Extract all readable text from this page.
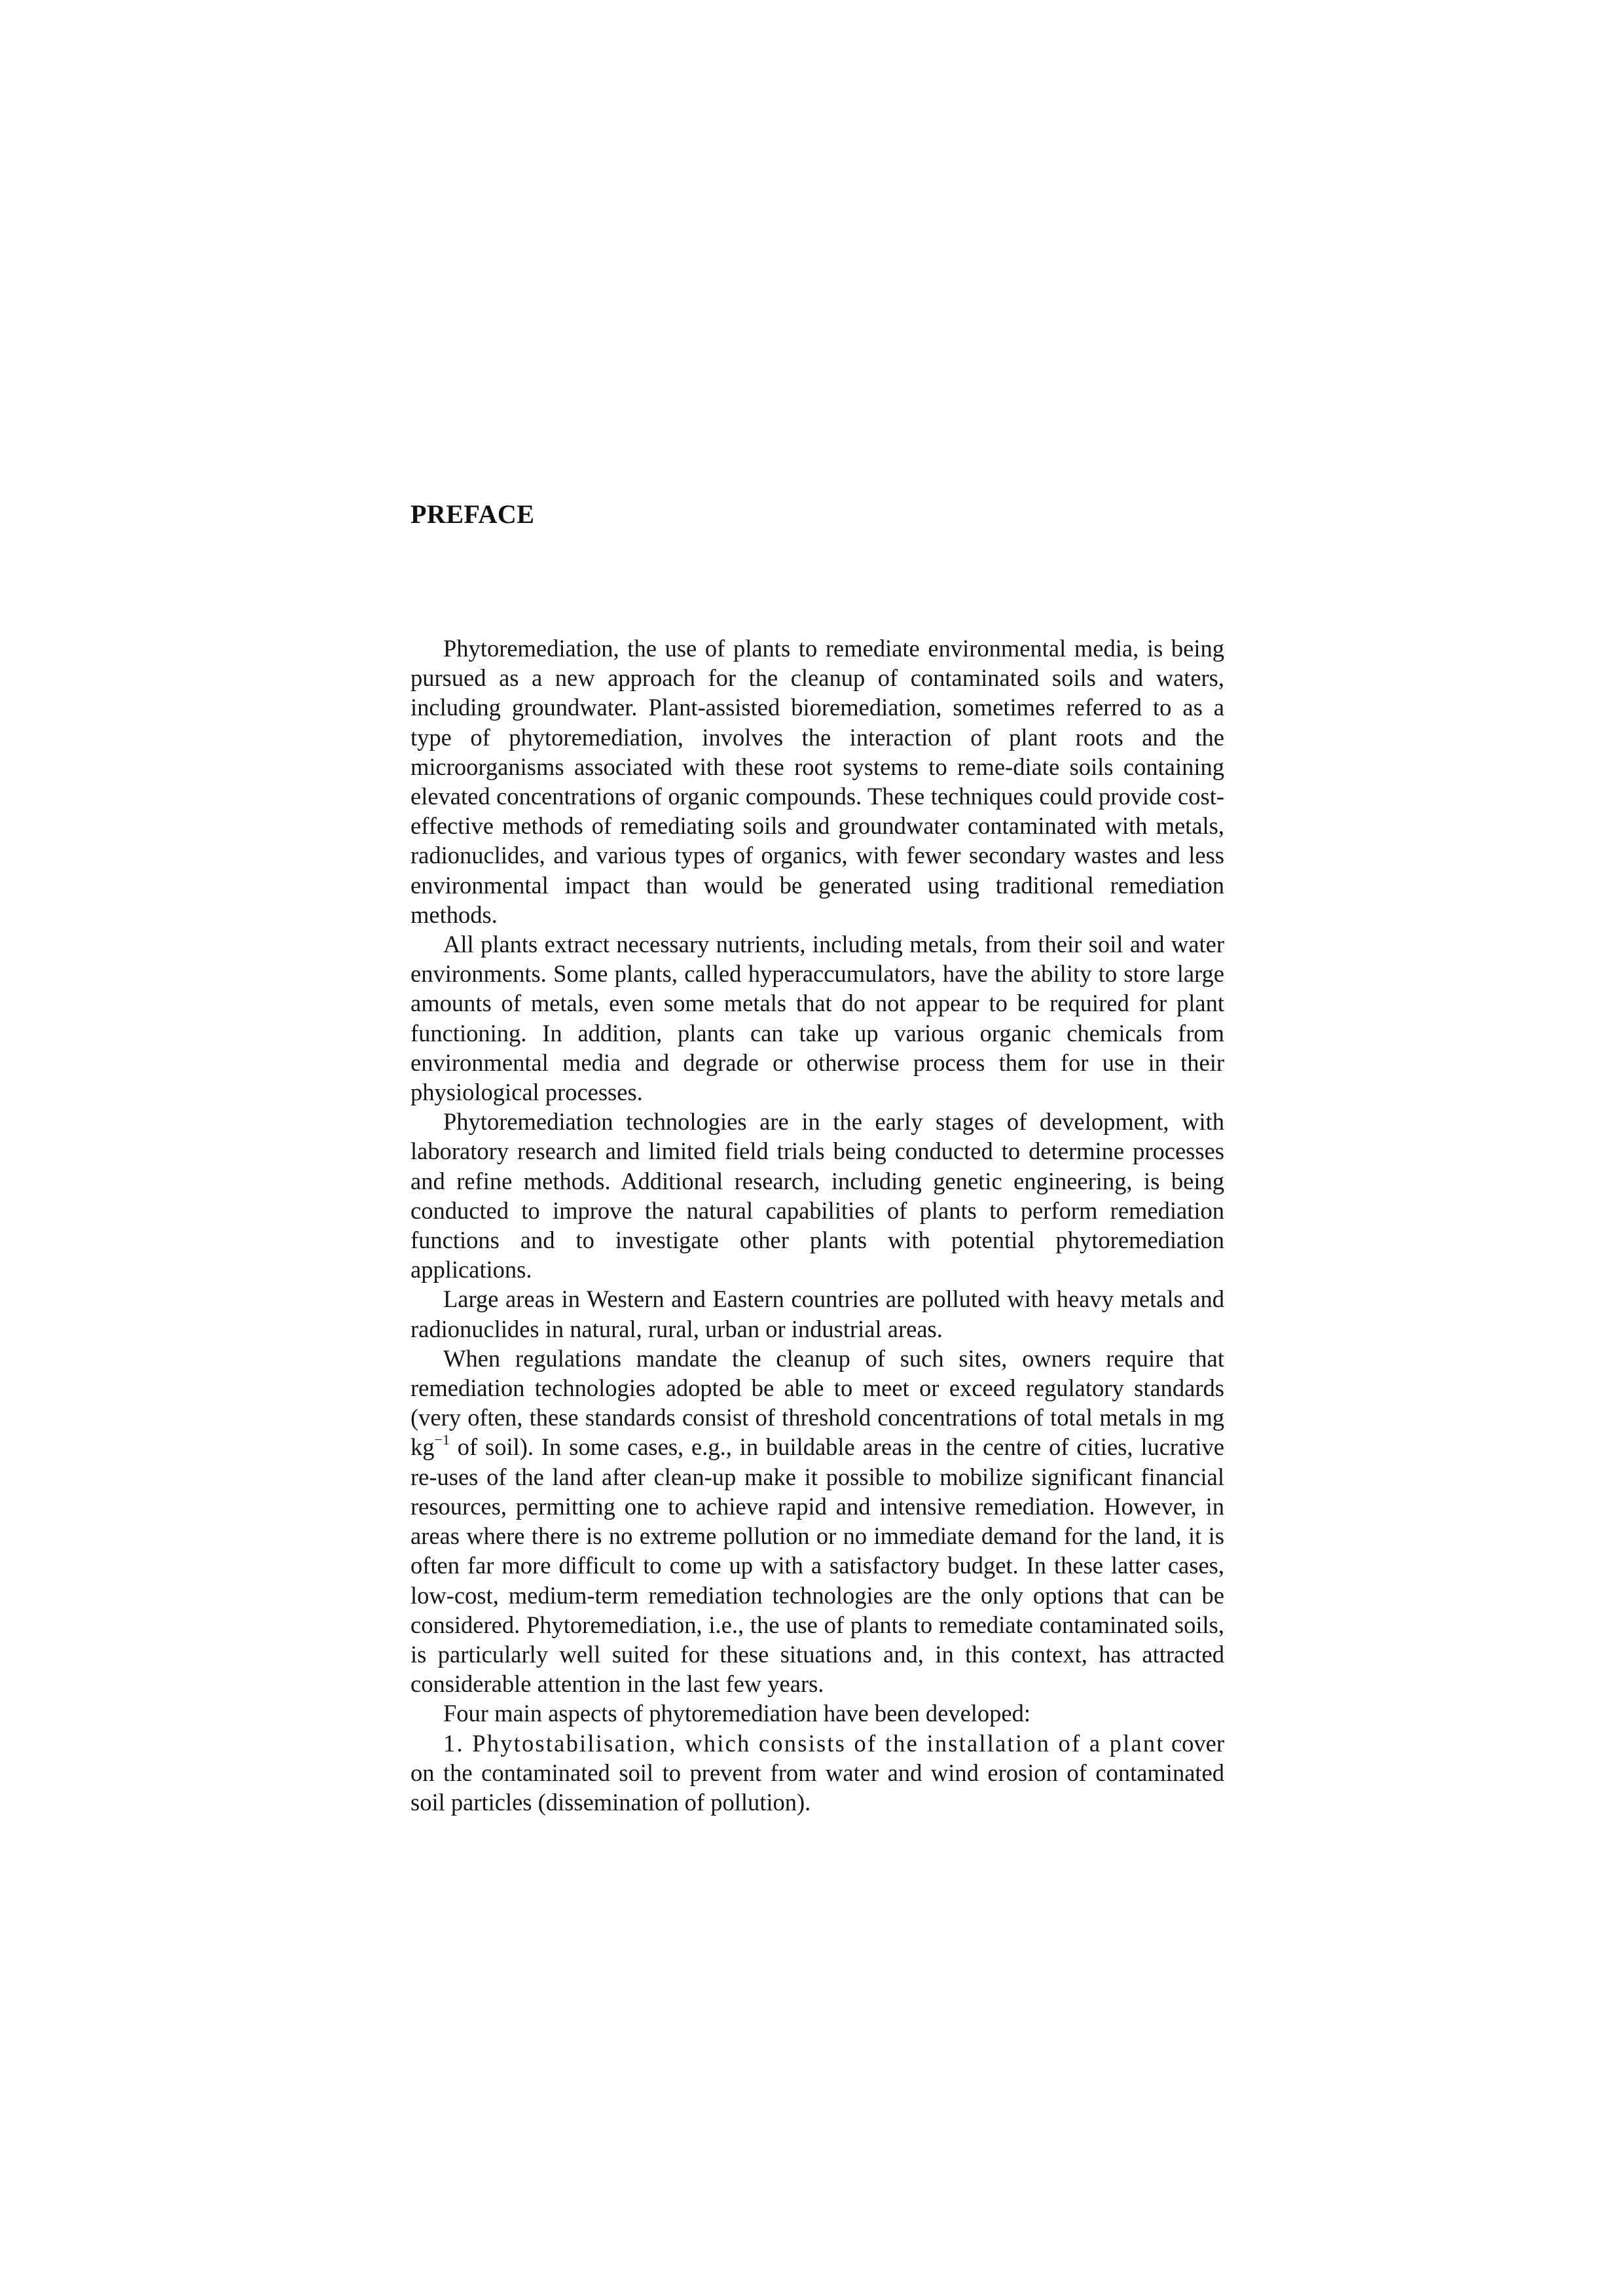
PREFACE

Phytoremediation, the use of plants to remediate environmental media, is being pursued as a new approach for the cleanup of contaminated soils and waters, including groundwater. Plant-assisted bioremediation, sometimes referred to as a type of phytoremediation, involves the interaction of plant roots and the microorganisms associated with these root systems to reme-diate soils containing elevated concentrations of organic compounds. These techniques could provide cost-effective methods of remediating soils and groundwater contaminated with metals, radionuclides, and various types of organics, with fewer secondary wastes and less environmental impact than would be generated using traditional remediation methods.

All plants extract necessary nutrients, including metals, from their soil and water environments. Some plants, called hyperaccumulators, have the ability to store large amounts of metals, even some metals that do not appear to be required for plant functioning. In addition, plants can take up various organic chemicals from environmental media and degrade or otherwise process them for use in their physiological processes.

Phytoremediation technologies are in the early stages of development, with laboratory research and limited field trials being conducted to determine processes and refine methods. Additional research, including genetic engineering, is being conducted to improve the natural capabilities of plants to perform remediation functions and to investigate other plants with potential phytoremediation applications.

Large areas in Western and Eastern countries are polluted with heavy metals and radionuclides in natural, rural, urban or industrial areas.

When regulations mandate the cleanup of such sites, owners require that remediation technologies adopted be able to meet or exceed regulatory standards (very often, these standards consist of threshold concentrations of total metals in mg $kg^{-1}$ of soil). In some cases, e.g., in buildable areas in the centre of cities, lucrative re-uses of the land after clean-up make it possible to mobilize significant financial resources, permitting one to achieve rapid and intensive remediation. However, in areas where there is no extreme pollution or no immediate demand for the land, it is often far more difficult to come up with a satisfactory budget. In these latter cases, low-cost, medium-term remediation technologies are the only options that can be considered. Phytoremediation, i.e., the use of plants to remediate contaminated soils, is particularly well suited for these situations and, in this context, has attracted considerable attention in the last few years.

Four main aspects of phytoremediation have been developed:

1. Phytostabilisation, which consists of the installation of a plant cover on the contaminated soil to prevent from water and wind erosion of contaminated soil particles (dissemination of pollution).
